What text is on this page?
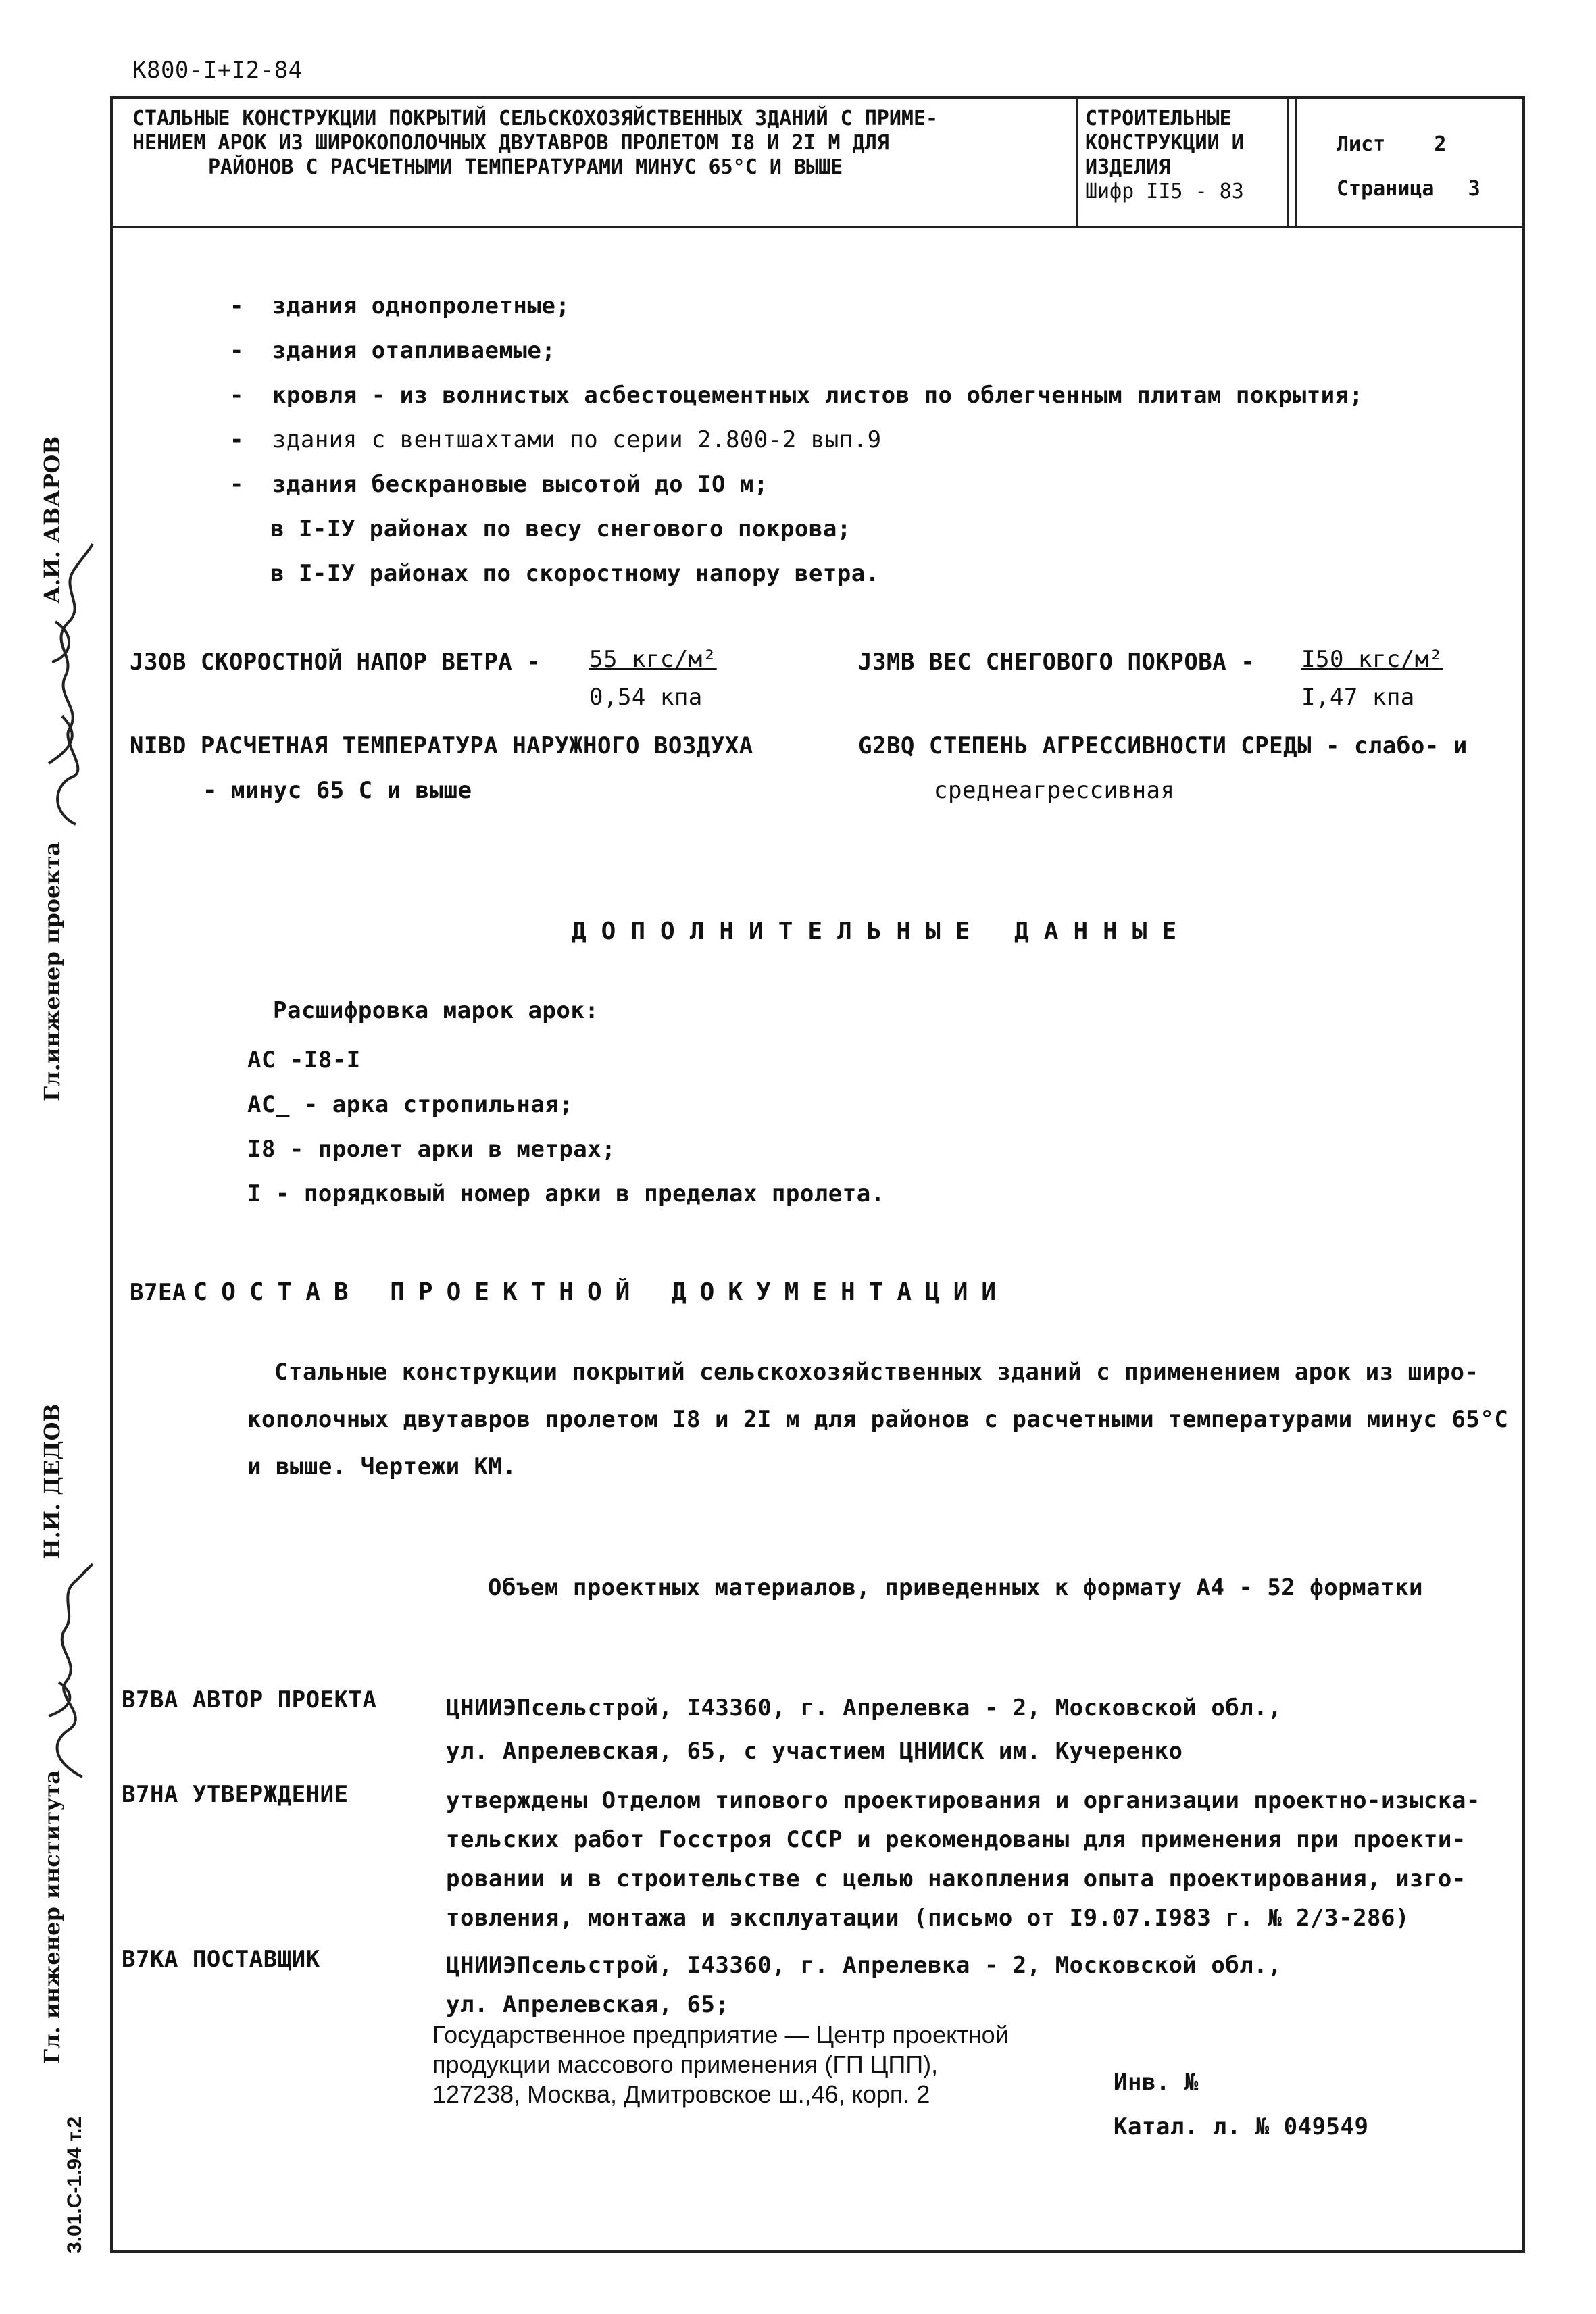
К800-I+I2-84
СТАЛЬНЫЕ КОНСТРУКЦИИ ПОКРЫТИЙ СЕЛЬСКОХОЗЯЙСТВЕННЫХ ЗДАНИЙ С ПРИМЕ-
НЕНИЕМ АРОК ИЗ ШИРОКОПОЛОЧНЫХ ДВУТАВРОВ ПРОЛЕТОМ I8 И 2I М ДЛЯ
РАЙОНОВ С РАСЧЕТНЫМИ ТЕМПЕРАТУРАМИ МИНУС 65°С И ВЫШЕ
СТРОИТЕЛЬНЫЕ
КОНСТРУКЦИИ И
ИЗДЕЛИЯ
Шифр II5 - 83
Лист 2
Страница 3
Гл.инженер проекта  А.И. АВАРОВ
Гл. инженер института  Н.И. ДЕДОВ
3.01.С-1.94 т.2
-  здания однопролетные;
-  здания отапливаемые;
-  кровля - из волнистых асбестоцементных листов по облегченным плитам покрытия;
-  здания с вентшахтами по серии 2.800-2 вып.9
-  здания бескрановые высотой до IO м;
в I-IУ районах по весу снегового покрова;
в I-IУ районах по скоростному напору ветра.
J3OB СКОРОСТНОЙ НАПОР ВЕТРА - 55 кгс/м²
0,54 кпа
J3MB ВЕС СНЕГОВОГО ПОКРОВА - I50 кгс/м²
I,47 кпа
NIBD РАСЧЕТНАЯ ТЕМПЕРАТУРА НАРУЖНОГО ВОЗДУХА
- минус 65 С и выше
G2BQ СТЕПЕНЬ АГРЕССИВНОСТИ СРЕДЫ - слабо- и
среднеагрессивная
ДОПОЛНИТЕЛЬНЫЕ ДАННЫЕ
Расшифровка марок арок:
АС -I8-I
АС_ - арка стропильная;
I8 - пролет арки в метрах;
I - порядковый номер арки в пределах пролета.
B7EA СОСТАВ ПРОЕКТНОЙ ДОКУМЕНТАЦИИ
Стальные конструкции покрытий сельскохозяйственных зданий с применением арок из широ-
кополочных двутавров пролетом I8 и 2I м для районов с расчетными температурами минус 65°С
и выше. Чертежи КМ.
Объем проектных материалов, приведенных к формату А4 - 52 форматки
B7BA АВТОР ПРОЕКТА	ЦНИИЭПсельстрой, I43360, г. Апрелевка - 2, Московской обл.,
ул. Апрелевская, 65, с участием ЦНИИСК им. Кучеренко
B7HA УТВЕРЖДЕНИЕ	утверждены Отделом типового проектирования и организации проектно-изыска-
тельских работ Госстроя СССР и рекомендованы для применения при проекти-
ровании и в строительстве с целью накопления опыта проектирования, изго-
товления, монтажа и эксплуатации (письмо от I9.07.I983 г. № 2/3-286)
B7KA ПОСТАВЩИК	ЦНИИЭПсельстрой, I43360, г. Апрелевка - 2, Московской обл.,
ул. Апрелевская, 65;
Государственное предприятие — Центр проектной
продукции массового применения (ГП ЦПП),
127238, Москва, Дмитровское ш.,46, корп. 2	Инв. №
Катал. л. № 049549
